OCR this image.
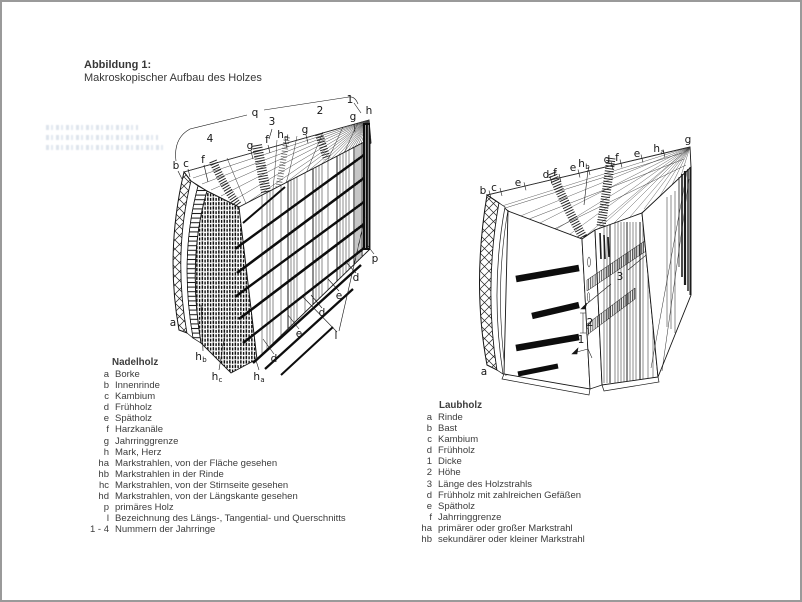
Abbildung 1:
Makroskopischer Aufbau des Holzes
q
4
3
2
1
b c f
g f $h_d$
g
g h
a
$h_b$
$h_c$	$h_a$
d
e
d
e
d
l
p
b c e
d f e $h_b$
d f e $h_a$
g
a
3
2
1
Nadelholz
a Borke
b Innenrinde
c Kambium
d Frühholz
e Spätholz
f Harzkanäle
g Jahrringgrenze
h Mark, Herz
ha Markstrahlen, von der Fläche gesehen
hb Markstrahlen in der Rinde
hc Markstrahlen, von der Stirnseite gesehen
hd Markstrahlen, von der Längskante gesehen
p primäres Holz
l Bezeichnung des Längs-, Tangential- und Querschnitts
1 - 4 Nummern der Jahrringe
Laubholz
a Rinde
b Bast
c Kambium
d Frühholz
1 Dicke
2 Höhe
3 Länge des Holzstrahls
d Frühholz mit zahlreichen Gefäßen
e Spätholz
f Jahrringgrenze
ha primärer oder großer Markstrahl
hb sekundärer oder kleiner Markstrahl
